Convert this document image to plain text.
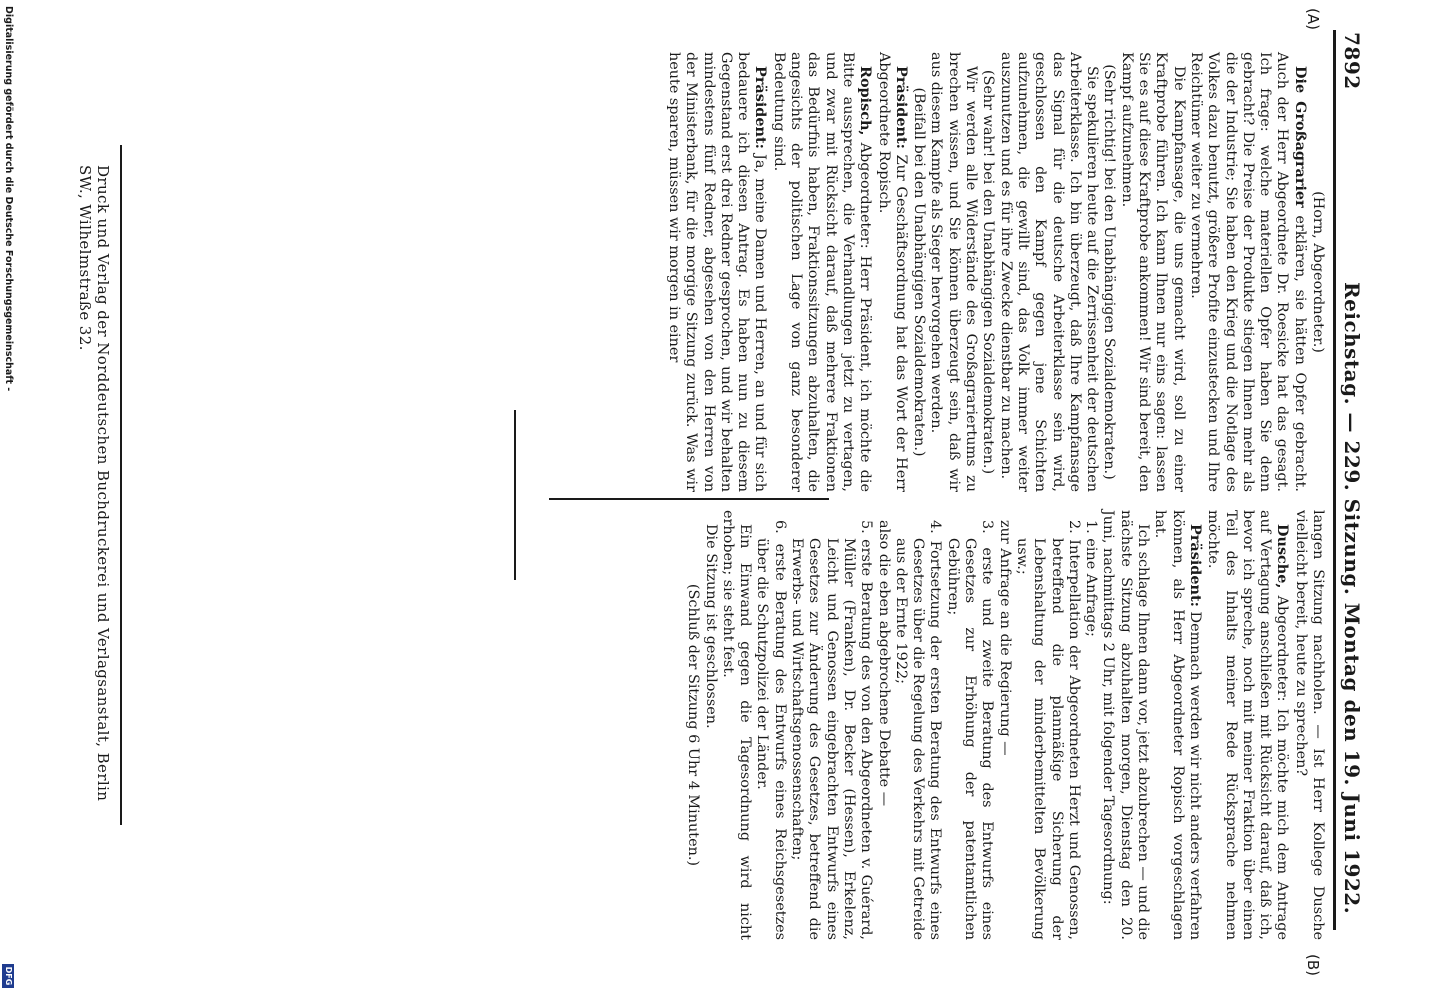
7892
Reichstag. — 229. Sitzung. Montag den 19. Juni 1922.
(A)
(B)

(Horn, Abgeordneter.)

Die Großagrarier erklären, sie hätten Opfer gebracht. Auch der Herr Abgeordnete Dr. Roesicke hat das gesagt. Ich frage: welche materiellen Opfer haben Sie denn gebracht? Die Preise der Produkte stiegen Ihnen mehr als die der Industrie; Sie haben den Krieg und die Notlage des Volkes dazu benutzt, größere Profite einzustecken und Ihre Reichtümer weiter zu vermehren.

Die Kampfansage, die uns gemacht wird, soll zu einer Kraftprobe führen. Ich kann Ihnen nur eins sagen: lassen Sie es auf diese Kraftprobe ankommen! Wir sind bereit, den Kampf aufzunehmen.

(Sehr richtig! bei den Unabhängigen Sozialdemokraten.)

Sie spekulieren heute auf die Zerrissenheit der deutschen Arbeiterklasse. Ich bin überzeugt, daß Ihre Kampfansage das Signal für die deutsche Arbeiterklasse sein wird, geschlossen den Kampf gegen jene Schichten aufzunehmen, die gewillt sind, das Volk immer weiter auszunutzen und es für ihre Zwecke dienstbar zu machen.

(Sehr wahr! bei den Unabhängigen Sozialdemokraten.)

Wir werden alle Widerstände des Großagrariertums zu brechen wissen, und Sie können überzeugt sein, daß wir aus diesem Kampfe als Sieger hervorgehen werden.

(Beifall bei den Unabhängigen Sozialdemokraten.)

Präsident: Zur Geschäftsordnung hat das Wort der Herr Abgeordnete Ropisch.

Ropisch, Abgeordneter: Herr Präsident, ich möchte die Bitte aussprechen, die Verhandlungen jetzt zu vertagen, und zwar mit Rücksicht darauf, daß mehrere Fraktionen das Bedürfnis haben, Fraktionssitzungen abzuhalten, die angesichts der politischen Lage von ganz besonderer Bedeutung sind.

Präsident: Ja, meine Damen und Herren, an und für sich bedauere ich diesen Antrag. Es haben nun zu diesem Gegenstand erst drei Redner gesprochen, und wir behalten mindestens fünf Redner, abgesehen von den Herren von der Ministerbank, für die morgige Sitzung zurück. Was wir heute sparen, müssen wir morgen in einer

langen Sitzung nachholen. — Ist Herr Kollege Dusche vielleicht bereit, heute zu sprechen?

Dusche, Abgeordneter: Ich möchte mich dem Antrage auf Vertagung anschließen mit Rücksicht darauf, daß ich, bevor ich spreche, noch mit meiner Fraktion über einen Teil des Inhalts meiner Rede Rücksprache nehmen möchte.

Präsident: Demnach werden wir nicht anders verfahren können, als Herr Abgeordneter Ropisch vorgeschlagen hat.

Ich schlage Ihnen dann vor, jetzt abzubrechen — und die nächste Sitzung abzuhalten morgen, Dienstag den 20. Juni, nachmittags 2 Uhr, mit folgender Tagesordnung:

1. eine Anfrage;
2. Interpellation der Abgeordneten Herzt und Genossen, betreffend die planmäßige Sicherung der Lebenshaltung der minderbemittelten Bevölkerung usw.;
zur Anfrage an die Regierung —
3. erste und zweite Beratung des Entwurfs eines Gesetzes zur Erhöhung der patentamtlichen Gebühren;
4. Fortsetzung der ersten Beratung des Entwurfs eines Gesetzes über die Regelung des Verkehrs mit Getreide aus der Ernte 1922;
also die eben abgebrochene Debatte —
5. erste Beratung des von den Abgeordneten v. Guérard, Müller (Franken), Dr. Becker (Hessen), Erkelenz, Leicht und Genossen eingebrachten Entwurfs eines Gesetzes zur Änderung des Gesetzes, betreffend die Erwerbs- und Wirtschaftsgenossenschaften;
6. erste Beratung des Entwurfs eines Reichsgesetzes über die Schutzpolizei der Länder.

Ein Einwand gegen die Tagesordnung wird nicht erhoben; sie steht fest.

Die Sitzung ist geschlossen.

(Schluß der Sitzung 6 Uhr 4 Minuten.)

Druck und Verlag der Norddeutschen Buchdruckerei und Verlagsanstalt, Berlin SW., Wilhelmstraße 32.
Digitalisierung gefördert durch die Deutsche Forschungsgemeinschaft -
DFG
